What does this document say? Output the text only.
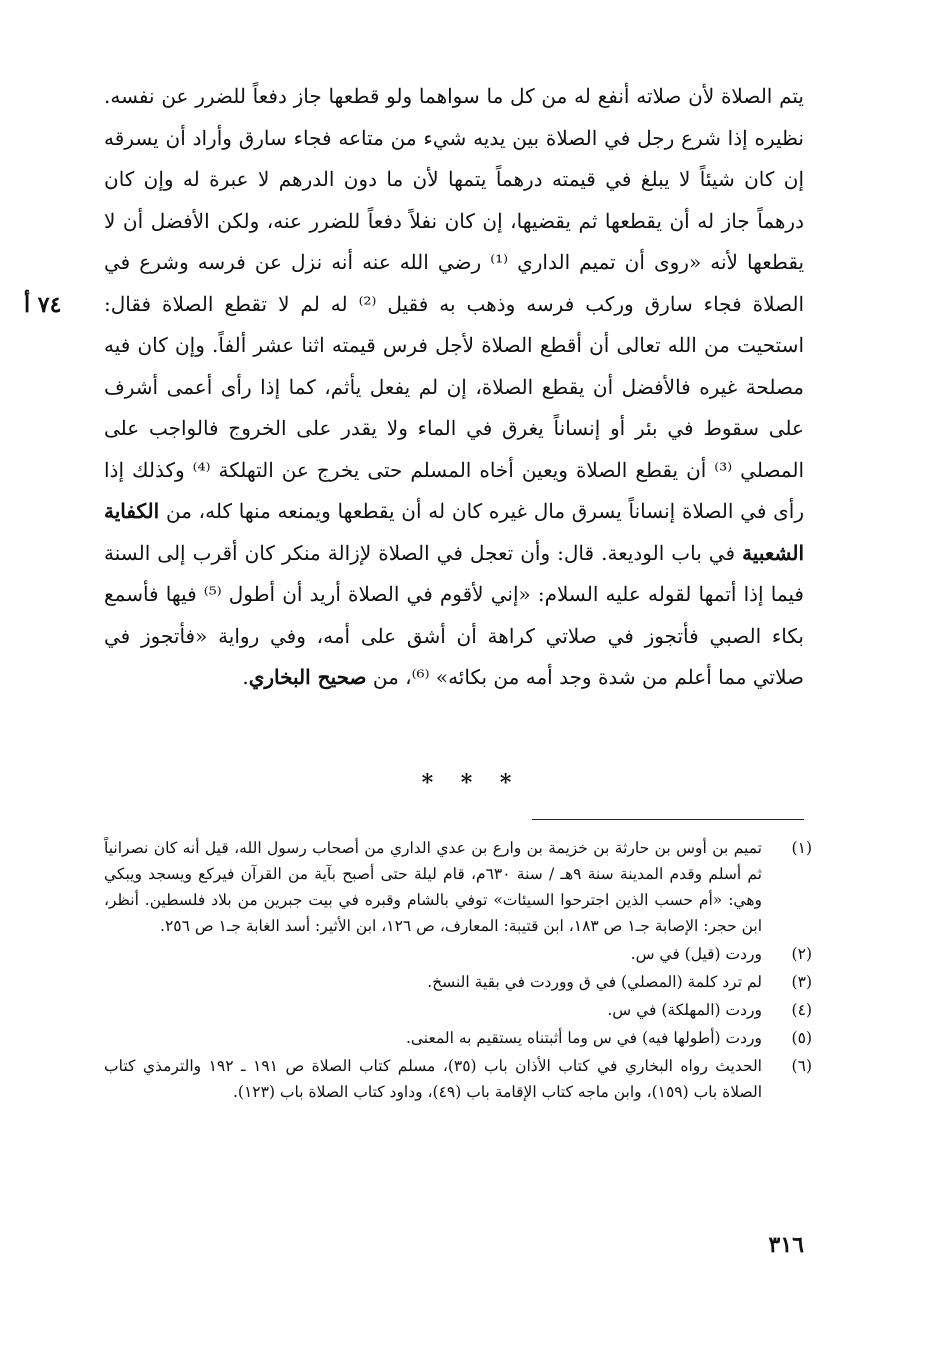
٧٤ أ

يتم الصلاة لأن صلاته أنفع له من كل ما سواهما ولو قطعها جاز دفعاً للضرر عن نفسه. نظيره إذا شرع رجل في الصلاة بين يديه شيء من متاعه فجاء سارق وأراد أن يسرقه إن كان شيئاً لا يبلغ في قيمته درهماً يتمها لأن ما دون الدرهم لا عبرة له وإن كان درهماً جاز له أن يقطعها ثم يقضيها، إن كان نفلاً دفعاً للضرر عنه، ولكن الأفضل أن لا يقطعها لأنه «روى أن تميم الداري ⁽¹⁾ رضي الله عنه أنه نزل عن فرسه وشرع في الصلاة فجاء سارق وركب فرسه وذهب به فقيل ⁽²⁾ له لم لا تقطع الصلاة فقال: استحيت من الله تعالى أن أقطع الصلاة لأجل فرس قيمته اثنا عشر ألفاً. وإن كان فيه مصلحة غيره فالأفضل أن يقطع الصلاة، إن لم يفعل يأثم، كما إذا رأى أعمى أشرف على سقوط في بئر أو إنساناً يغرق في الماء ولا يقدر على الخروج فالواجب على المصلي ⁽³⁾ أن يقطع الصلاة ويعين أخاه المسلم حتى يخرج عن التهلكة ⁽⁴⁾ وكذلك إذا رأى في الصلاة إنساناً يسرق مال غيره كان له أن يقطعها ويمنعه منها كله، من الكفاية الشعبية في باب الوديعة. قال: وأن تعجل في الصلاة لإزالة منكر كان أقرب إلى السنة فيما إذا أتمها لقوله عليه السلام: «إني لأقوم في الصلاة أريد أن أطول ⁽⁵⁾ فيها فأسمع بكاء الصبي فأتجوز في صلاتي كراهة أن أشق على أمه، وفي رواية «فأتجوز في صلاتي مما أعلم من شدة وجد أمه من بكائه» ⁽⁶⁾، من صحيح البخاري.

* * *
(١)
تميم بن أوس بن حارثة بن خزيمة بن وارع بن عدي الداري من أصحاب رسول الله، قيل أنه كان نصرانياً ثم أسلم وقدم المدينة سنة ٩هـ / سنة ٦٣٠م، قام ليلة حتى أصبح بآية من القرآن فيركع ويسجد ويبكي وهي: «أم حسب الذين اجترحوا السيئات» توفي بالشام وقبره في بيت جبرين من بلاد فلسطين. أنظر، ابن حجر: الإصابة جـ١ ص ١٨٣، ابن قتيبة: المعارف، ص ١٢٦، ابن الأثير: أسد الغابة جـ١ ص ٢٥٦.
(٢)
وردت (قيل) في س.
(٣)
لم ترد كلمة (المصلي) في ق ووردت في بقية النسخ.
(٤)
وردت (المهلكة) في س.
(٥)
وردت (أطولها فيه) في س وما أثبتناه يستقيم به المعنى.
(٦)
الحديث رواه البخاري في كتاب الأذان باب (٣٥)، مسلم كتاب الصلاة ص ١٩١ ـ ١٩٢ والترمذي كتاب الصلاة باب (١٥٩)، وابن ماجه كتاب الإقامة باب (٤٩)، وداود كتاب الصلاة باب (١٢٣).
٣١٦
